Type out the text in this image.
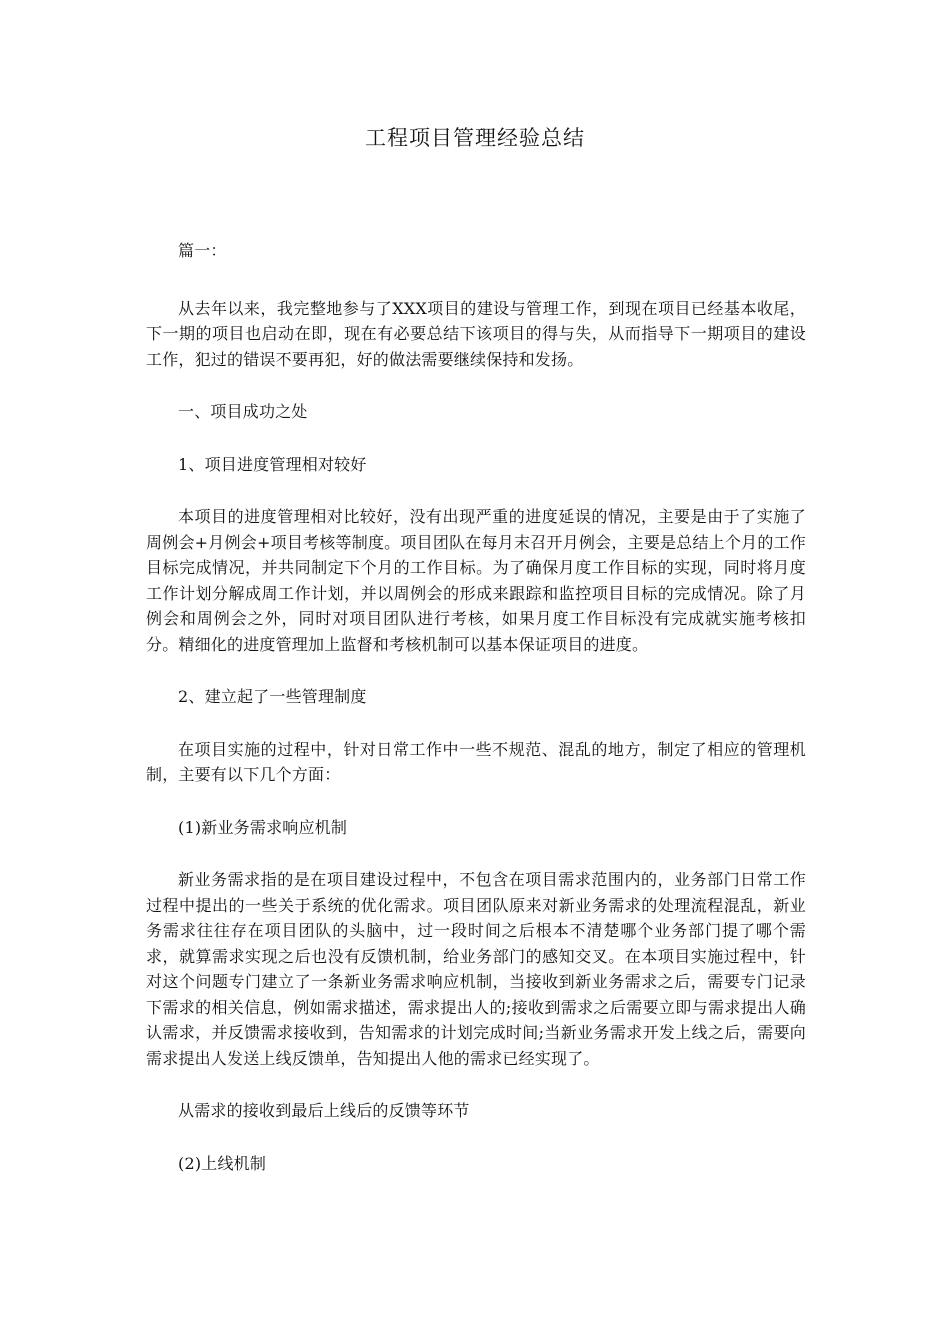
工程项目管理经验总结

篇一：

从去年以来，我完整地参与了XXX项目的建设与管理工作，到现在项目已经基本收尾，下一期的项目也启动在即，现在有必要总结下该项目的得与失，从而指导下一期项目的建设工作，犯过的错误不要再犯，好的做法需要继续保持和发扬。

一、项目成功之处

1、项目进度管理相对较好

本项目的进度管理相对比较好，没有出现严重的进度延误的情况，主要是由于了实施了周例会+月例会+项目考核等制度。项目团队在每月末召开月例会，主要是总结上个月的工作目标完成情况，并共同制定下个月的工作目标。为了确保月度工作目标的实现，同时将月度工作计划分解成周工作计划，并以周例会的形成来跟踪和监控项目目标的完成情况。除了月例会和周例会之外，同时对项目团队进行考核，如果月度工作目标没有完成就实施考核扣分。精细化的进度管理加上监督和考核机制可以基本保证项目的进度。

2、建立起了一些管理制度

在项目实施的过程中，针对日常工作中一些不规范、混乱的地方，制定了相应的管理机制，主要有以下几个方面：

(1)新业务需求响应机制

新业务需求指的是在项目建设过程中，不包含在项目需求范围内的，业务部门日常工作过程中提出的一些关于系统的优化需求。项目团队原来对新业务需求的处理流程混乱，新业务需求往往存在项目团队的头脑中，过一段时间之后根本不清楚哪个业务部门提了哪个需求，就算需求实现之后也没有反馈机制，给业务部门的感知交叉。在本项目实施过程中，针对这个问题专门建立了一条新业务需求响应机制，当接收到新业务需求之后，需要专门记录下需求的相关信息，例如需求描述，需求提出人的;接收到需求之后需要立即与需求提出人确认需求，并反馈需求接收到，告知需求的计划完成时间;当新业务需求开发上线之后，需要向需求提出人发送上线反馈单，告知提出人他的需求已经实现了。

从需求的接收到最后上线后的反馈等环节

(2)上线机制
